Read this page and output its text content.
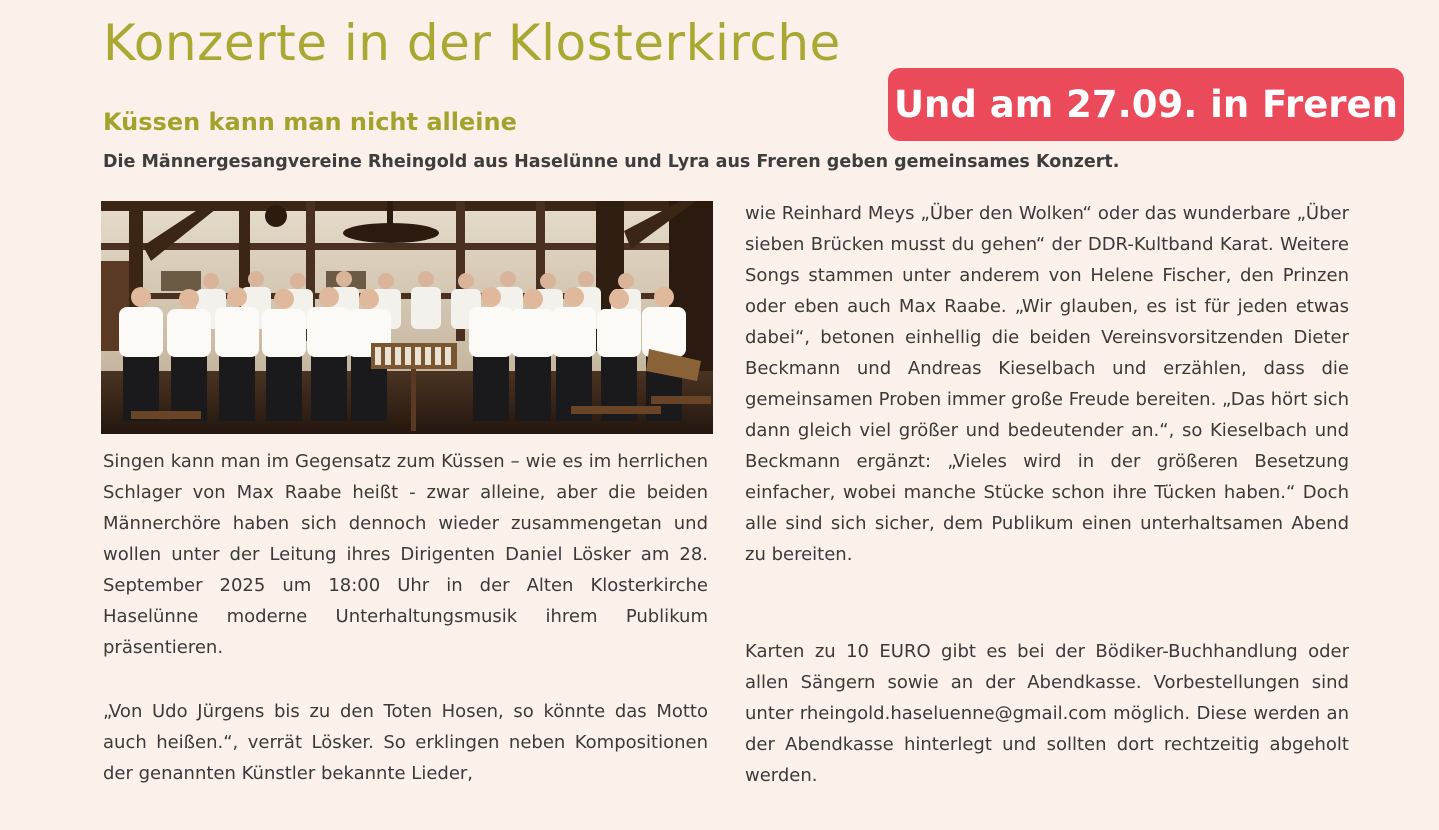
Konzerte in der Klosterkirche
Und am 27.09. in Freren
Küssen kann man nicht alleine
Die Männergesangvereine Rheingold aus Haselünne und Lyra aus Freren geben gemeinsames Konzert.

Singen kann man im Gegensatz zum Küssen – wie es im herrlichen Schlager von Max Raabe heißt - zwar alleine, aber die beiden Männerchöre haben sich dennoch wieder zusammengetan und wollen unter der Leitung ihres Dirigenten Daniel Lösker am 28. September 2025 um 18:00 Uhr in der Alten Klosterkirche Haselünne moderne Unterhaltungsmusik ihrem Publikum präsentieren.

„Von Udo Jürgens bis zu den Toten Hosen, so könnte das Motto auch heißen.“, verrät Lösker. So erklingen neben Kompositionen der genannten Künstler bekannte Lieder,

wie Reinhard Meys „Über den Wolken“ oder das wunderbare „Über sieben Brücken musst du gehen“ der DDR-Kultband Karat. Weitere Songs stammen unter anderem von Helene Fischer, den Prinzen oder eben auch Max Raabe. „Wir glauben, es ist für jeden etwas dabei“, betonen einhellig die beiden Vereinsvorsitzenden Dieter Beckmann und Andreas Kieselbach und erzählen, dass die gemeinsamen Proben immer große Freude bereiten. „Das hört sich dann gleich viel größer und bedeutender an.“, so Kieselbach und Beckmann ergänzt: „Vieles wird in der größeren Besetzung einfacher, wobei manche Stücke schon ihre Tücken haben.“ Doch alle sind sich sicher, dem Publikum einen unterhaltsamen Abend zu bereiten.

Karten zu 10 EURO gibt es bei der Bödiker-Buchhandlung oder allen Sängern sowie an der Abendkasse. Vorbestellungen sind unter rheingold.haseluenne@gmail.com möglich. Diese werden an der Abendkasse hinterlegt und sollten dort rechtzeitig abgeholt werden.
